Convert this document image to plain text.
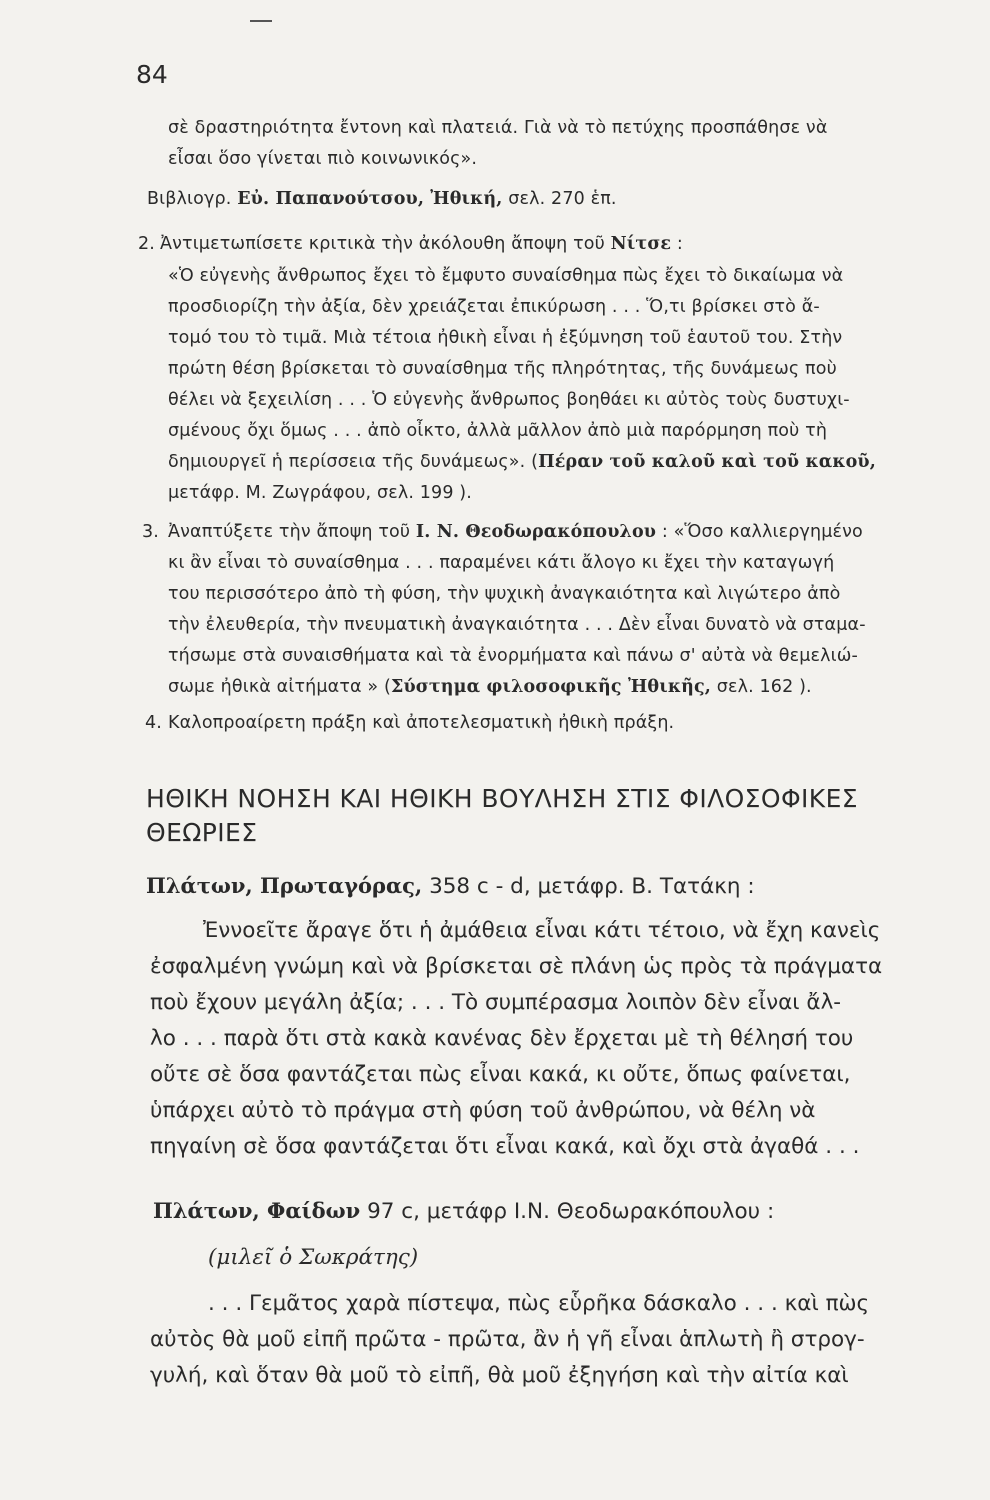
84
σὲ δραστηριότητα ἔντονη καὶ πλατειά. Γιὰ νὰ τὸ πετύχης προσπάθησε νὰ
εἶσαι ὅσο γίνεται πιὸ κοινωνικός».
Βιβλιογρ. Εὐ. Παπανούτσου, Ἠθική, σελ. 270 ἑπ.
2. Ἀντιμετωπίσετε κριτικὰ τὴν ἀκόλουθη ἄποψη τοῦ Νίτσε :
«Ὁ εὐγενὴς ἄνθρωπος ἔχει τὸ ἔμφυτο συναίσθημα πὼς ἔχει τὸ δικαίωμα νὰ
προσδιορίζη τὴν ἀξία, δὲν χρειάζεται ἐπικύρωση . . . Ὅ,τι βρίσκει στὸ ἄ-
τομό του τὸ τιμᾶ. Μιὰ τέτοια ἠθικὴ εἶναι ἡ ἐξύμνηση τοῦ ἑαυτοῦ του. Στὴν
πρώτη θέση βρίσκεται τὸ συναίσθημα τῆς πληρότητας, τῆς δυνάμεως ποὺ
θέλει νὰ ξεχειλίση . . . Ὁ εὐγενὴς ἄνθρωπος βοηθάει κι αὐτὸς τοὺς δυστυχι-
σμένους ὄχι ὅμως . . . ἀπὸ οἶκτο, ἀλλὰ μᾶλλον ἀπὸ μιὰ παρόρμηση ποὺ τὴ
δημιουργεῖ ἡ περίσσεια τῆς δυνάμεως». (Πέραν τοῦ καλοῦ καὶ τοῦ κακοῦ,
μετάφρ. Μ. Ζωγράφου, σελ. 199 ).
3. Ἀναπτύξετε τὴν ἄποψη τοῦ Ι. Ν. Θεοδωρακόπουλου : «Ὅσο καλλιεργημένο
κι ἂν εἶναι τὸ συναίσθημα . . . παραμένει κάτι ἄλογο κι ἔχει τὴν καταγωγή
του περισσότερο ἀπὸ τὴ φύση, τὴν ψυχικὴ ἀναγκαιότητα καὶ λιγώτερο ἀπὸ
τὴν ἐλευθερία, τὴν πνευματικὴ ἀναγκαιότητα . . . Δὲν εἶναι δυνατὸ νὰ σταμα-
τήσωμε στὰ συναισθήματα καὶ τὰ ἐνορμήματα καὶ πάνω σ' αὐτὰ νὰ θεμελιώ-
σωμε ἠθικὰ αἰτήματα » (Σύστημα φιλοσοφικῆς Ἠθικῆς, σελ. 162 ).
4. Καλοπροαίρετη πράξη καὶ ἀποτελεσματικὴ ἠθικὴ πράξη.
ΗΘΙΚΗ ΝΟΗΣΗ ΚΑΙ ΗΘΙΚΗ ΒΟΥΛΗΣΗ ΣΤΙΣ ΦΙΛΟΣΟΦΙΚΕΣ
ΘΕΩΡΙΕΣ
Πλάτων, Πρωταγόρας, 358 c - d, μετάφρ. Β. Τατάκη :
Ἐννοεῖτε ἄραγε ὅτι ἡ ἀμάθεια εἶναι κάτι τέτοιο, νὰ ἔχη κανεὶς
ἐσφαλμένη γνώμη καὶ νὰ βρίσκεται σὲ πλάνη ὡς πρὸς τὰ πράγματα
ποὺ ἔχουν μεγάλη ἀξία; . . . Τὸ συμπέρασμα λοιπὸν δὲν εἶναι ἄλ-
λο . . . παρὰ ὅτι στὰ κακὰ κανένας δὲν ἔρχεται μὲ τὴ θέλησή του
οὔτε σὲ ὅσα φαντάζεται πὼς εἶναι κακά, κι οὔτε, ὅπως φαίνεται,
ὑπάρχει αὐτὸ τὸ πράγμα στὴ φύση τοῦ ἀνθρώπου, νὰ θέλη νὰ
πηγαίνη σὲ ὅσα φαντάζεται ὅτι εἶναι κακά, καὶ ὄχι στὰ ἀγαθά . . .
Πλάτων, Φαίδων 97 c, μετάφρ Ι.Ν. Θεοδωρακόπουλου :
(μιλεῖ ὁ Σωκράτης)
. . . Γεμᾶτος χαρὰ πίστεψα, πὼς εὗρῆκα δάσκαλο . . . καὶ πὼς
αὐτὸς θὰ μοῦ εἰπῆ πρῶτα - πρῶτα, ἂν ἡ γῆ εἶναι ἁπλωτὴ ἢ στρογ-
γυλή, καὶ ὅταν θὰ μοῦ τὸ εἰπῆ, θὰ μοῦ ἐξηγήση καὶ τὴν αἰτία καὶ
